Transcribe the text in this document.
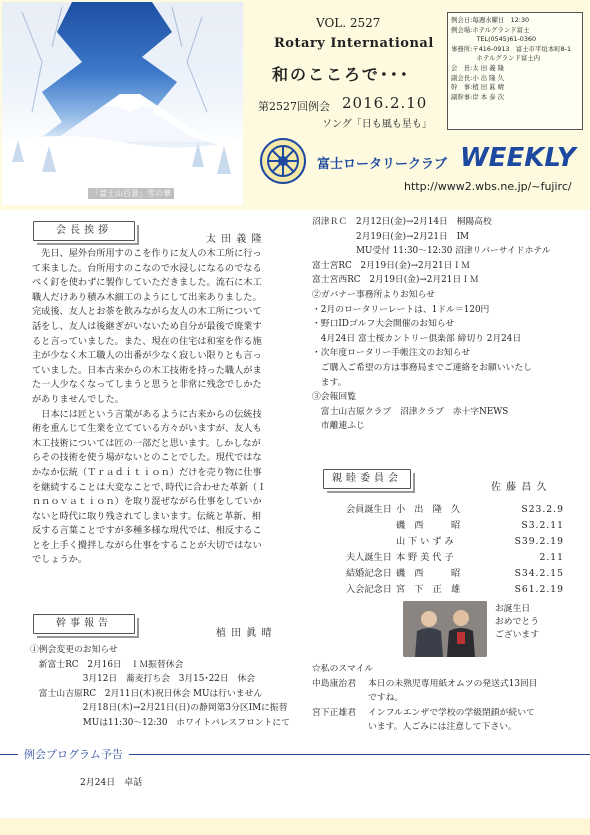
「富士山百景」雪の華
VOL. 2527
Rotary International
和のこころで･･･
第2527回例会 2016.2.10
ソング「日も風も星も」
例会日:毎週水曜日　12:30
例会場:ホテルグランド富士
　　　　TEL(0545)61-0360
事務所:〒416-0913　富士市平垣本町8-1
　　　　ホテルグランド富士内
会　長:太 田 義 隆
副会長:小 出 隆 久
幹　事:植 田 眞 晴
副幹事:岸 本 泰 次
富士ロータリークラブ WEEKLY
http://www2.wbs.ne.jp/~fujirc/
会長挨拶
太 田 義 隆
　先日、屋外台所用すのこを作りに友人の木工所に行っ
て来ました。台所用すのこなので水浸しになるのでなる
べく釘を使わずに製作していただきました。流石に木工
職人だけあり積み木細工のようにして出来ありました。
完成後、友人とお茶を飲みながら友人の木工所について
話をし、友人は後継ぎがいないため自分が最後で廃業す
ると言っていました。また、現在の住宅は和室を作る施
主が少なく木工職人の出番が少なく寂しい限りとも言っ
ていました。日本古来からの木工技術を持った職人がま
た一人少なくなってしまうと思うと非常に残念でしかた
がありませんでした。
　日本には匠という言葉があるように古来からの伝統技
術を重んじて生業を立てている方々がいますが、友人も
木工技術については匠の一部だと思います。しかしなが
らその技術を使う場がないとのことでした。現代ではな
かなか伝統（Ｔｒａｄｉｔｉｏｎ）だけを売り物に仕事
を継続することは大変なことで､時代に合わせた革新（Ｉ
ｎｎｏｖａｔｉｏｎ）を取り混ぜながら仕事をしていか
ないと時代に取り残されてしまいます。伝統と革新、相
反する言葉ことですが多種多様な現代では、相反するこ
とを上手く攪拌しながら仕事をすることが大切ではない
でしょうか。
幹事報告
植 田 眞 晴
①例会変更のお知らせ
　新富士RC　2月16日　ＩＭ振替休会
　　　　　　3月12日　蕎麦打ち会　3月15･22日　休会
　富士山吉原RC　2月11日(木)祝日休会 MUは行いません
　　　　　　2月18日(木)→2月21日(日)の静岡第3分区IMに振替
　　　　　　MUは11:30～12:30　ホワイトパレスフロントにて
沼津ＲＣ　2月12日(金)→2月14日　桐陽高校
　　　　　2月19日(金)→2月21日　IM
　　　　　MU受付 11:30～12:30 沼津リバーサイドホテル
富士宮RC　2月19日(金)→2月21日ＩＭ
富士宮西RC　2月19日(金)→2月21日ＩＭ
②ガバナー事務所よりお知らせ
・2月のロータリーレートは、1ドル＝120円
・野口IDゴルフ大会開催のお知らせ
　4月24日 富士桜カントリー倶楽部 締切り 2月24日
・次年度ロータリー手帳注文のお知らせ
　ご購入ご希望の方は事務局までご連絡をお願いいたし
　ます。
③会報回覧
　富士山吉原クラブ　沼津クラブ　赤十字NEWS
　市離連ふじ
親睦委員会
佐 藤 昌 久
会員誕生日	小　出　隆　久	S23.2.9
	磯　西　　　昭	S3.2.11
	山 下 い ず み	S39.2.19
夫人誕生日	本 野 美 代 子	2.11
結婚記念日	磯　西　　　昭	S34.2.15
入会記念日	宮　下　正　雄	S61.2.19
お誕生日
おめでとう
ございます
☆私のスマイル
中島康治君 本日の未熟児専用紙オムツの発送式13回目
ですね。
宮下正雄君 インフルエンザで学校の学級閉鎖が続いて
います。人ごみには注意して下さい。
例会プログラム予告
2月24日　卓話
